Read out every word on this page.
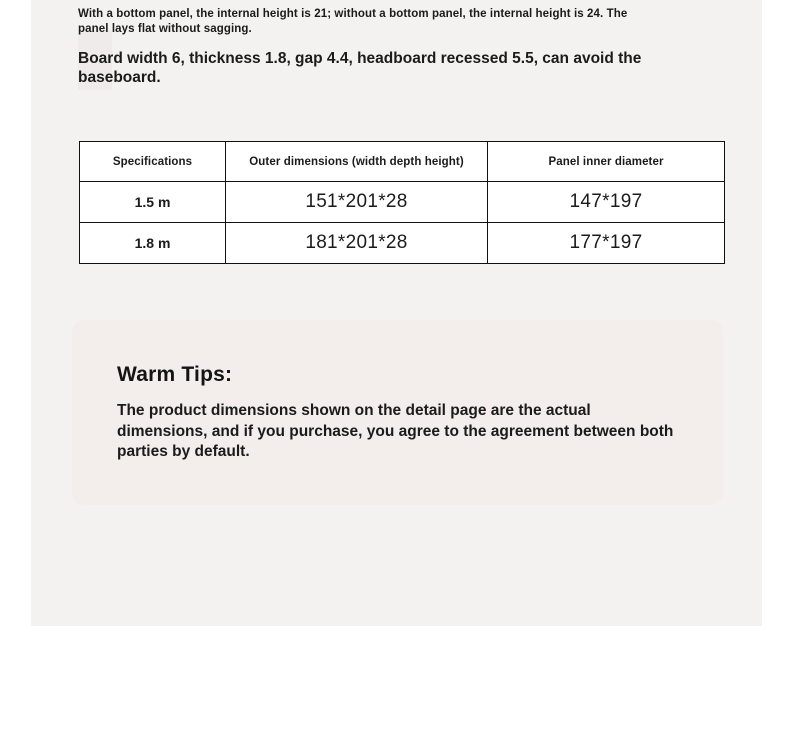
With a bottom panel, the internal height is 21; without a bottom panel, the internal height is 24. The panel lays flat without sagging.
Board width 6, thickness 1.8, gap 4.4, headboard recessed 5.5, can avoid the baseboard.
Specifications	Outer dimensions (width depth height)	Panel inner diameter
1.5 m	151*201*28	147*197
1.8 m	181*201*28	177*197
Warm Tips:
The product dimensions shown on the detail page are the actual dimensions, and if you purchase, you agree to the agreement between both parties by default.
